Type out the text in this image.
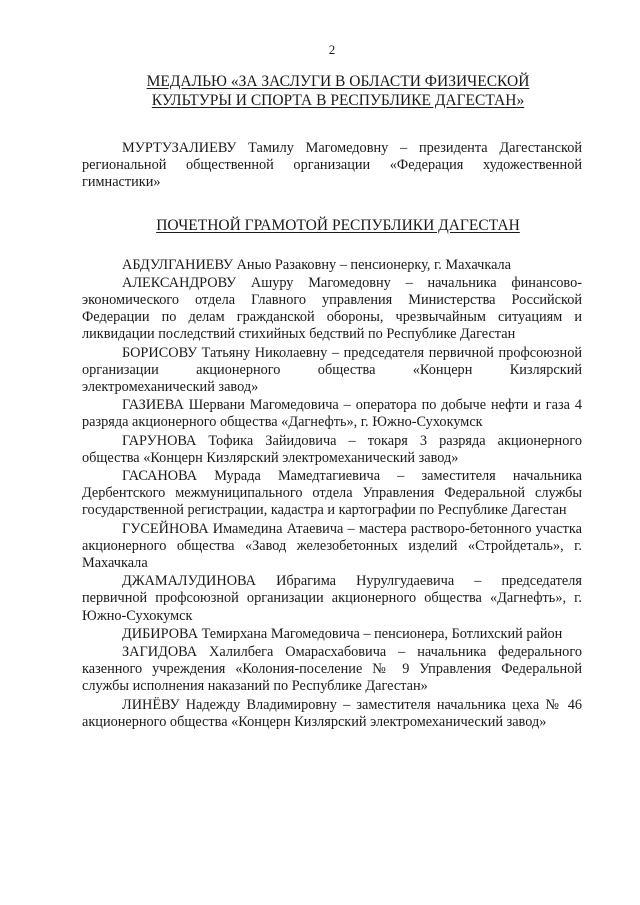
2
МЕДАЛЬЮ «ЗА ЗАСЛУГИ В ОБЛАСТИ ФИЗИЧЕСКОЙ
КУЛЬТУРЫ И СПОРТА В РЕСПУБЛИКЕ ДАГЕСТАН»

МУРТУЗАЛИЕВУ Тамилу Магомедовну – президента Дагестанской региональной общественной организации «Федерация художественной гимнастики»

ПОЧЕТНОЙ ГРАМОТОЙ РЕСПУБЛИКИ ДАГЕСТАН

АБДУЛГАНИЕВУ Аныо Разаковну – пенсионерку, г. Махачкала

АЛЕКСАНДРОВУ Ашуру Магомедовну – начальника финансово-экономического отдела Главного управления Министерства Российской Федерации по делам гражданской обороны, чрезвычайным ситуациям и ликвидации последствий стихийных бедствий по Республике Дагестан

БОРИСОВУ Татьяну Николаевну – председателя первичной профсоюзной организации акционерного общества «Концерн Кизлярский электромеханический завод»

ГАЗИЕВА Шервани Магомедовича – оператора по добыче нефти и газа 4 разряда акционерного общества «Дагнефть», г. Южно-Сухокумск

ГАРУНОВА Тофика Зайидовича – токаря 3 разряда акционерного общества «Концерн Кизлярский электромеханический завод»

ГАСАНОВА Мурада Мамедтагиевича – заместителя начальника Дербентского межмуниципального отдела Управления Федеральной службы государственной регистрации, кадастра и картографии по Республике Дагестан

ГУСЕЙНОВА Имамедина Атаевича – мастера растворо-бетонного участка акционерного общества «Завод железобетонных изделий «Стройдеталь», г. Махачкала

ДЖАМАЛУДИНОВА Ибрагима Нурулгудаевича – председателя первичной профсоюзной организации акционерного общества «Дагнефть», г. Южно-Сухокумск

ДИБИРОВА Темирхана Магомедовича – пенсионера, Ботлихский район

ЗАГИДОВА Халилбега Омарасхабовича – начальника федерального казенного учреждения «Колония-поселение № 9 Управления Федеральной службы исполнения наказаний по Республике Дагестан»

ЛИНЁВУ Надежду Владимировну – заместителя начальника цеха № 46 акционерного общества «Концерн Кизлярский электромеханический завод»
